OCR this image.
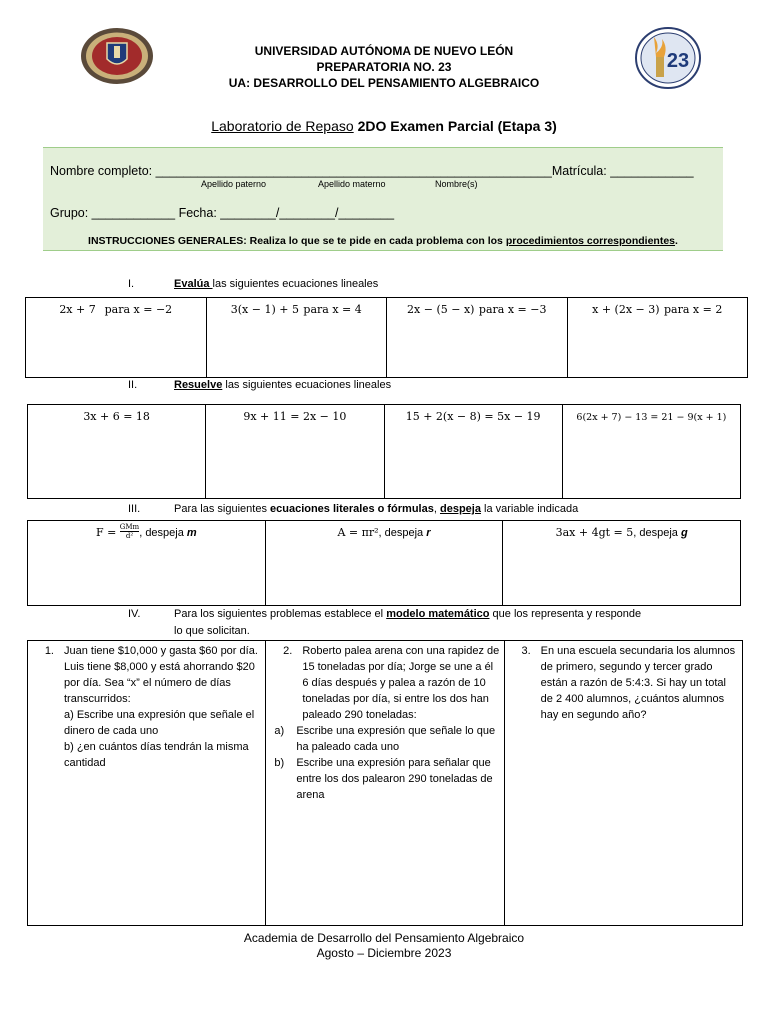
23
UNIVERSIDAD AUTÓNOMA DE NUEVO LEÓN
PREPARATORIA NO. 23
UA: DESARROLLO DEL PENSAMIENTO ALGEBRAICO
Laboratorio de Repaso 2DO Examen Parcial (Etapa 3)
Nombre completo: _________________________________________________________Matrícula: ____________
Apellido paterno	Apellido materno	Nombre(s)
Grupo: ____________ Fecha: ________/________/________
INSTRUCCIONES GENERALES: Realiza lo que se te pide en cada problema con los procedimientos correspondientes.
I.	Evalúa las siguientes ecuaciones lineales
2x + 7 para x = −2	3(x − 1) + 5 para x = 4	2x − (5 − x) para x = −3	x + (2x − 3) para x = 2
II.	Resuelve las siguientes ecuaciones lineales
3x + 6 = 18	9x + 11 = 2x − 10	15 + 2(x − 8) = 5x − 19	6(2x + 7) − 13 = 21 − 9(x + 1)
III.	Para las siguientes ecuaciones literales o fórmulas, despeja la variable indicada
F = GMm
d² , despeja m	A = πr², despeja r	3ax + 4gt = 5, despeja g
IV.	Para los siguientes problemas establece el modelo matemático que los representa y responde
lo que solicitan.
1. Juan tiene $10,000 y gasta $60 por día. Luis tiene $8,000 y está ahorrando $20 por día. Sea “x” el número de días transcurridos:
a) Escribe una expresión que señale el dinero de cada uno
b) ¿en cuántos días tendrán la misma cantidad

2. Roberto palea arena con una rapidez de 15 toneladas por día; Jorge se une a él 6 días después y palea a razón de 10 toneladas por día, si entre los dos han paleado 290 toneladas:
a)	Escribe una expresión que señale lo que ha paleado cada uno
b)	Escribe una expresión para señalar que entre los dos palearon 290 toneladas de arena

3. En una escuela secundaria los alumnos de primero, segundo y tercer grado están a razón de 5:4:3. Si hay un total de 2 400 alumnos, ¿cuántos alumnos hay en segundo año?
Academia de Desarrollo del Pensamiento Algebraico
Agosto – Diciembre 2023
